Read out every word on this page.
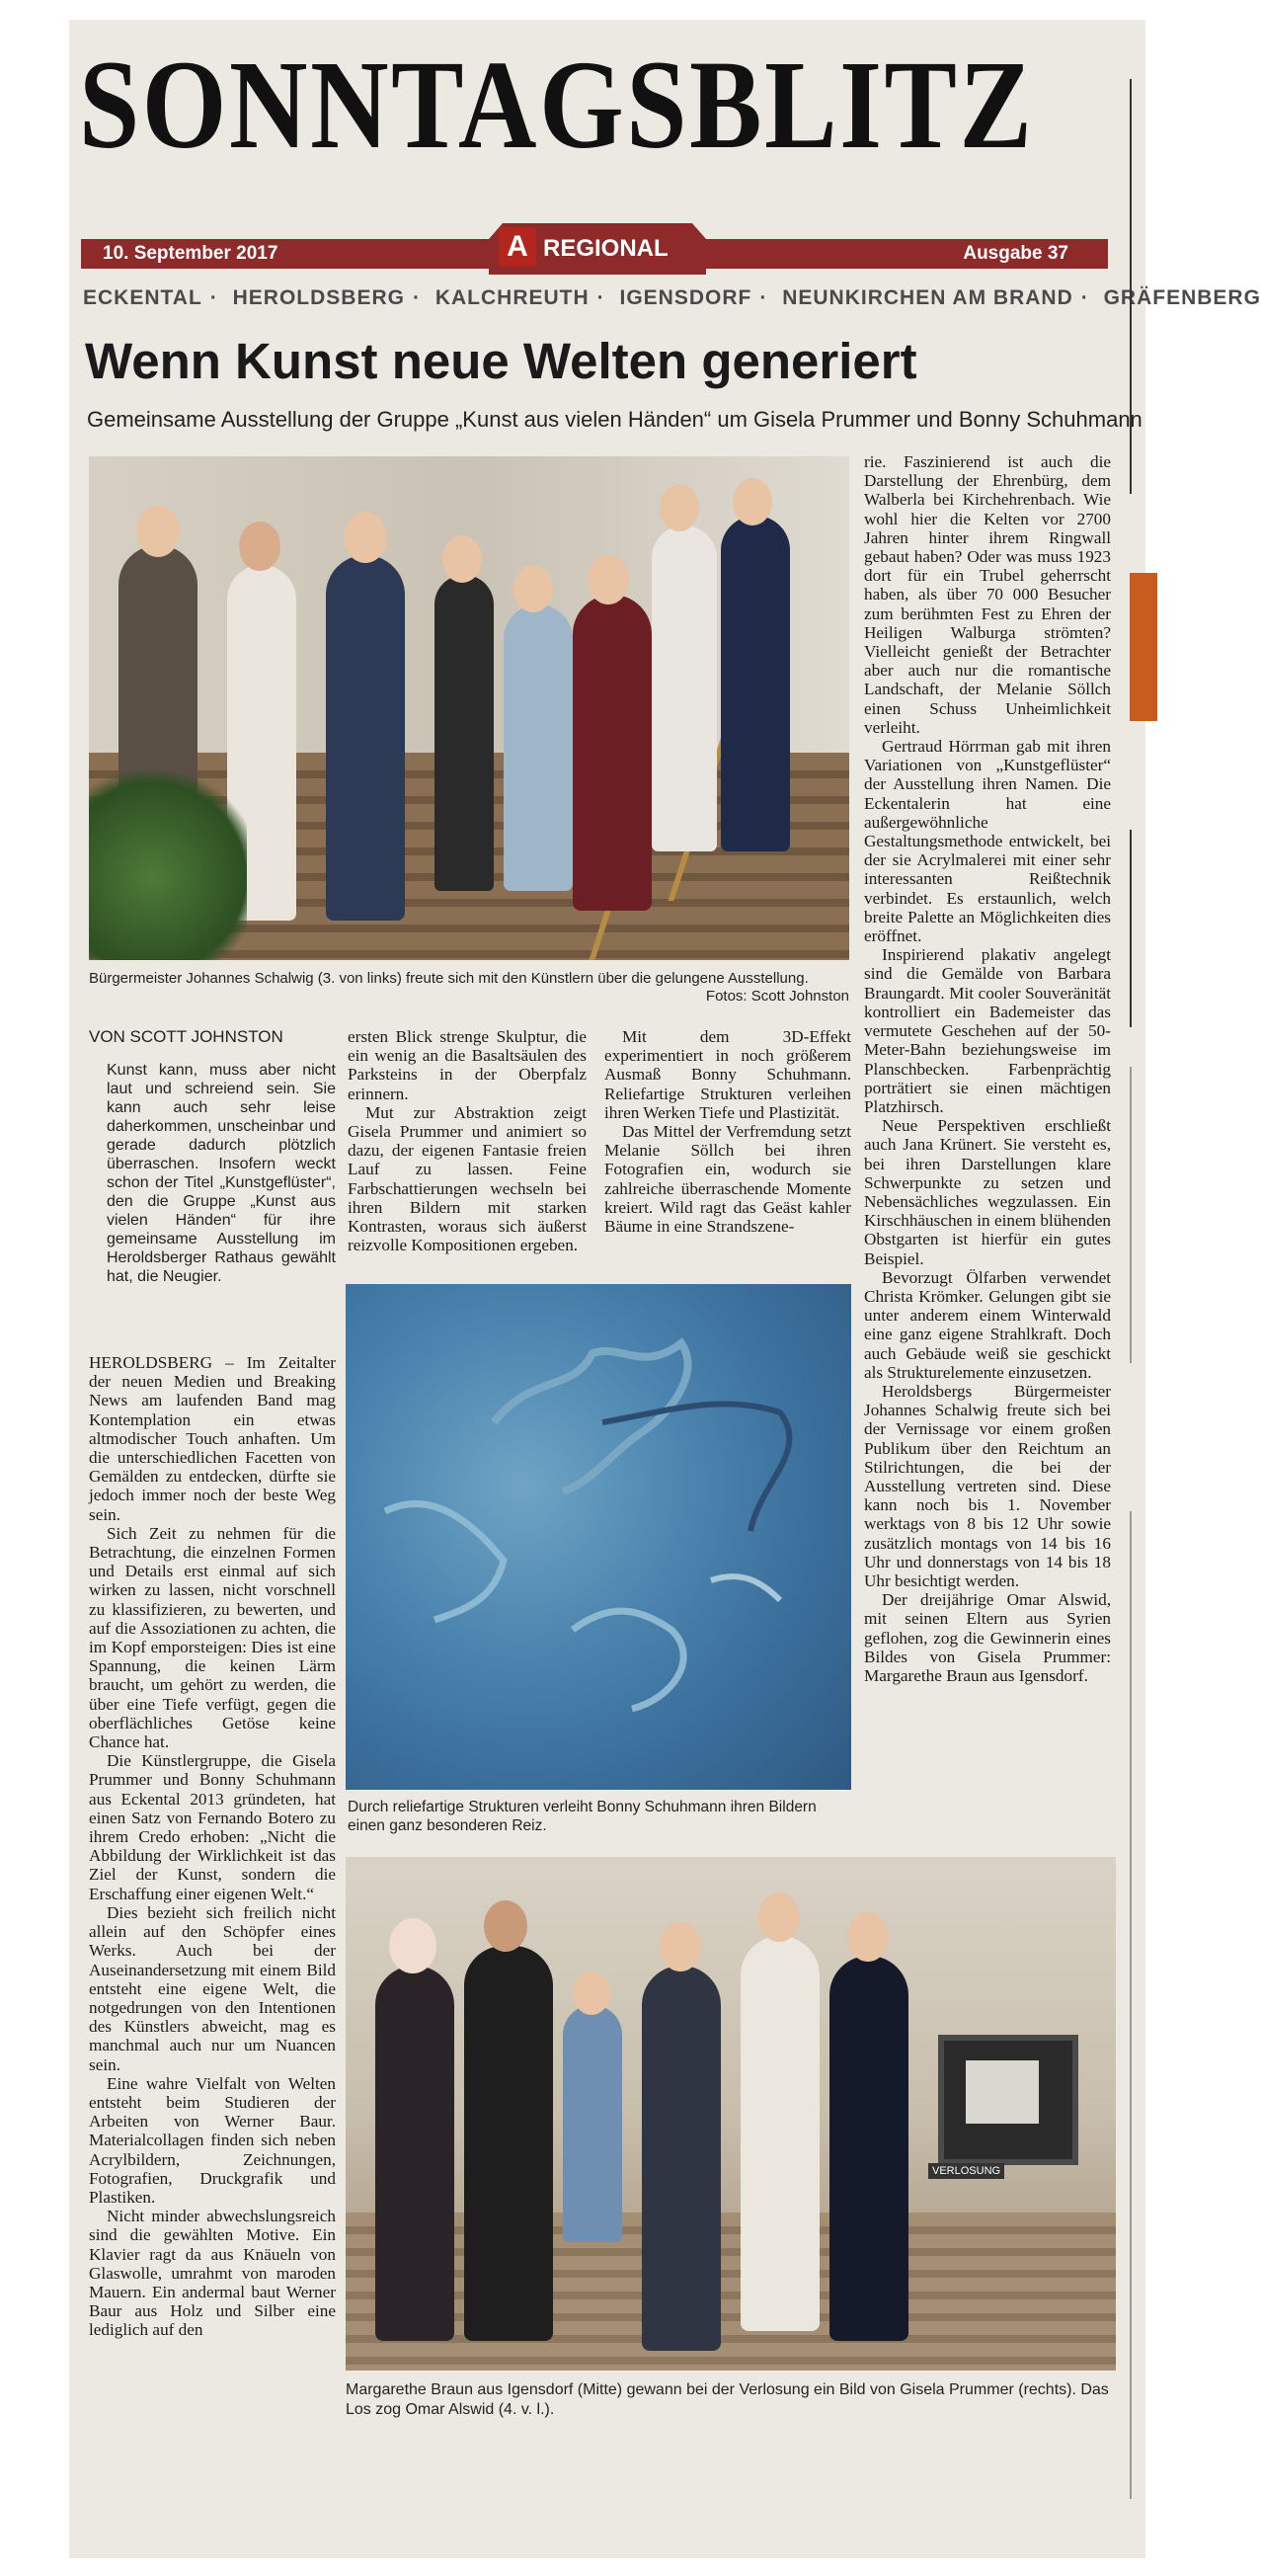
SONNTAGSBLITZ
10. September 2017	Ausgabe 37
A REGIONAL
ECKENTAL · HEROLDSBERG · KALCHREUTH · IGENSDORF · NEUNKIRCHEN AM BRAND · GRÄFENBERG
Wenn Kunst neue Welten generiert
Gemeinsame Ausstellung der Gruppe „Kunst aus vielen Händen“ um Gisela Prummer und Bonny Schuhmann
Bürgermeister Johannes Schalwig (3. von links) freute sich mit den Künstlern über die gelungene Ausstellung.
Fotos: Scott Johnston
VON SCOTT JOHNSTON
Kunst kann, muss aber nicht laut und schreiend sein. Sie kann auch sehr leise daherkommen, unscheinbar und gerade dadurch plötzlich überraschen. Insofern weckt schon der Titel „Kunstgeflüster“, den die Gruppe „Kunst aus vielen Händen“ für ihre gemeinsame Ausstellung im Heroldsberger Rathaus gewählt hat, die Neugier.

HEROLDSBERG – Im Zeitalter der neuen Medien und Breaking News am laufenden Band mag Kontemplation ein etwas altmodischer Touch anhaften. Um die unterschiedlichen Facetten von Gemälden zu entdecken, dürfte sie jedoch immer noch der beste Weg sein.

Sich Zeit zu nehmen für die Betrachtung, die einzelnen Formen und Details erst einmal auf sich wirken zu lassen, nicht vorschnell zu klassifizieren, zu bewerten, und auf die Assoziationen zu achten, die im Kopf emporsteigen: Dies ist eine Spannung, die keinen Lärm braucht, um gehört zu werden, die über eine Tiefe verfügt, gegen die oberflächliches Getöse keine Chance hat.

Die Künstlergruppe, die Gisela Prummer und Bonny Schuhmann aus Eckental 2013 gründeten, hat einen Satz von Fernando Botero zu ihrem Credo erhoben: „Nicht die Abbildung der Wirklichkeit ist das Ziel der Kunst, sondern die Erschaffung einer eigenen Welt.“

Dies bezieht sich freilich nicht allein auf den Schöpfer eines Werks. Auch bei der Auseinandersetzung mit einem Bild entsteht eine eigene Welt, die notgedrungen von den Intentionen des Künstlers abweicht, mag es manchmal auch nur um Nuancen sein.

Eine wahre Vielfalt von Welten entsteht beim Studieren der Arbeiten von Werner Baur. Materialcollagen finden sich neben Acrylbildern, Zeichnungen, Fotografien, Druckgrafik und Plastiken.

Nicht minder abwechslungsreich sind die gewählten Motive. Ein Klavier ragt da aus Knäueln von Glaswolle, umrahmt von maroden Mauern. Ein andermal baut Werner Baur aus Holz und Silber eine lediglich auf den

ersten Blick strenge Skulptur, die ein wenig an die Basaltsäulen des Parksteins in der Oberpfalz erinnern.

Mut zur Abstraktion zeigt Gisela Prummer und animiert so dazu, der eigenen Fantasie freien Lauf zu lassen. Feine Farbschattierungen wechseln bei ihren Bildern mit starken Kontrasten, woraus sich äußerst reizvolle Kompositionen ergeben.

Mit dem 3D-Effekt experimentiert in noch größerem Ausmaß Bonny Schuhmann. Reliefartige Strukturen verleihen ihren Werken Tiefe und Plastizität.

Das Mittel der Verfremdung setzt Melanie Söllch bei ihren Fotografien ein, wodurch sie zahlreiche überraschende Momente kreiert. Wild ragt das Geäst kahler Bäume in eine Strandszene-

Durch reliefartige Strukturen verleiht Bonny Schuhmann ihren Bildern einen ganz besonderen Reiz.

rie. Faszinierend ist auch die Darstellung der Ehrenbürg, dem Walberla bei Kirchehrenbach. Wie wohl hier die Kelten vor 2700 Jahren hinter ihrem Ringwall gebaut haben? Oder was muss 1923 dort für ein Trubel geherrscht haben, als über 70 000 Besucher zum berühmten Fest zu Ehren der Heiligen Walburga strömten? Vielleicht genießt der Betrachter aber auch nur die romantische Landschaft, der Melanie Söllch einen Schuss Unheimlichkeit verleiht.

Gertraud Hörrman gab mit ihren Variationen von „Kunstgeflüster“ der Ausstellung ihren Namen. Die Eckentalerin hat eine außergewöhnliche Gestaltungsmethode entwickelt, bei der sie Acrylmalerei mit einer sehr interessanten Reißtechnik verbindet. Es erstaunlich, welch breite Palette an Möglichkeiten dies eröffnet.

Inspirierend plakativ angelegt sind die Gemälde von Barbara Braungardt. Mit cooler Souveränität kontrolliert ein Bademeister das vermutete Geschehen auf der 50-Meter-Bahn beziehungsweise im Planschbecken. Farbenprächtig porträtiert sie einen mächtigen Platzhirsch.

Neue Perspektiven erschließt auch Jana Krünert. Sie versteht es, bei ihren Darstellungen klare Schwerpunkte zu setzen und Nebensächliches wegzulassen. Ein Kirschhäuschen in einem blühenden Obstgarten ist hierfür ein gutes Beispiel.

Bevorzugt Ölfarben verwendet Christa Krömker. Gelungen gibt sie unter anderem einem Winterwald eine ganz eigene Strahlkraft. Doch auch Gebäude weiß sie geschickt als Strukturelemente einzusetzen.

Heroldsbergs Bürgermeister Johannes Schalwig freute sich bei der Vernissage vor einem großen Publikum über den Reichtum an Stilrichtungen, die bei der Ausstellung vertreten sind. Diese kann noch bis 1. November werktags von 8 bis 12 Uhr sowie zusätzlich montags von 14 bis 16 Uhr und donnerstags von 14 bis 18 Uhr besichtigt werden.

Der dreijährige Omar Alswid, mit seinen Eltern aus Syrien geflohen, zog die Gewinnerin eines Bildes von Gisela Prummer: Margarethe Braun aus Igensdorf.

VERLOSUNG
Margarethe Braun aus Igensdorf (Mitte) gewann bei der Verlosung ein Bild von Gisela Prummer (rechts). Das Los zog Omar Alswid (4. v. l.).
